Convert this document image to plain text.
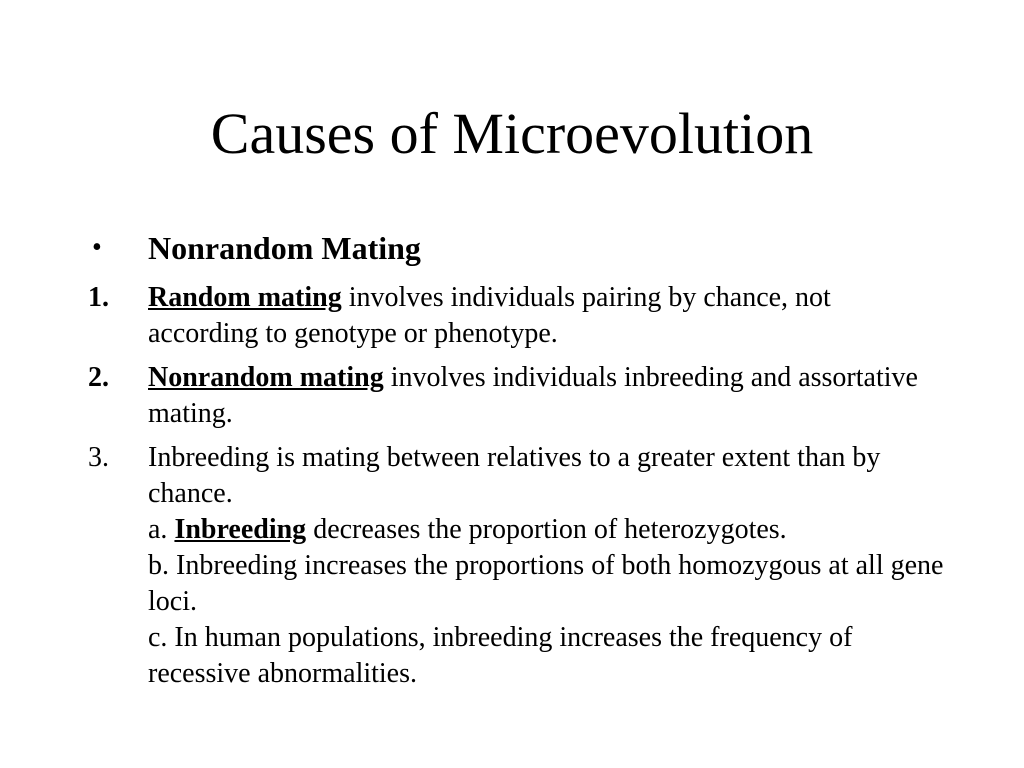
Causes of Microevolution
•	Nonrandom Mating
1.	Random mating involves individuals pairing by chance, not according to genotype or phenotype.
2.	Nonrandom mating involves individuals inbreeding and assortative mating.
3.	Inbreeding is mating between relatives to a greater extent than by chance.
a. Inbreeding decreases the proportion of heterozygotes.
b. Inbreeding increases the proportions of both homozygous at all gene loci.
c. In human populations, inbreeding increases the frequency of recessive abnormalities.
